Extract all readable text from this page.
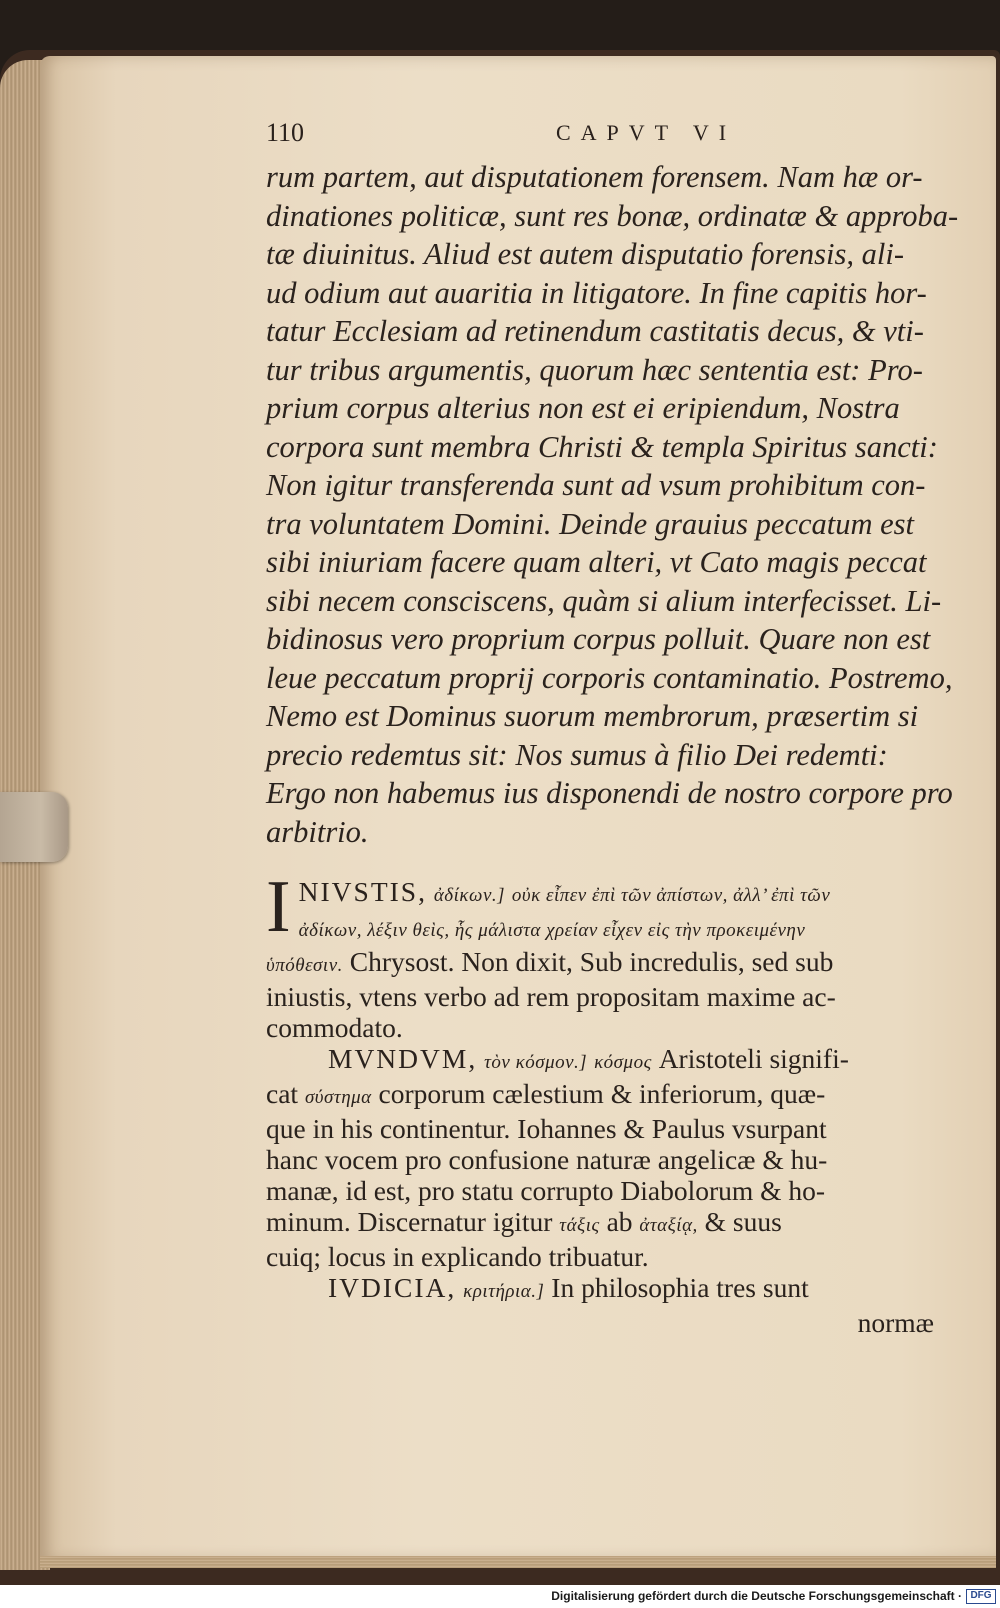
110	CAPVT VI
rum partem, aut disputationem forensem. Nam hæ or-
dinationes politicæ, sunt res bonæ, ordinatæ & approba-
tæ diuinitus. Aliud est autem disputatio forensis, ali-
ud odium aut auaritia in litigatore. In fine capitis hor-
tatur Ecclesiam ad retinendum castitatis decus, & vti-
tur tribus argumentis, quorum hæc sententia est: Pro-
prium corpus alterius non est ei eripiendum, Nostra
corpora sunt membra Christi & templa Spiritus sancti:
Non igitur transferenda sunt ad vsum prohibitum con-
tra voluntatem Domini. Deinde grauius peccatum est
sibi iniuriam facere quam alteri, vt Cato magis peccat
sibi necem consciscens, quàm si alium interfecisset. Li-
bidinosus vero proprium corpus polluit. Quare non est
leue peccatum proprij corporis contaminatio. Postremo,
Nemo est Dominus suorum membrorum, præsertim si
precio redemtus sit: Nos sumus à filio Dei redemti:
Ergo non habemus ius disponendi de nostro corpore pro
arbitrio.
I NIVSTIS, ἀδίκων.] οὐκ εἶπεν ἐπὶ τῶν ἀπίστων, ἀλλ’ ἐπὶ τῶν
ἀδίκων, λέξιν θεὶς, ἧς μάλιστα χρείαν εἶχεν εἰς τὴν προκειμένην
ὑπόθεσιν. Chrysost. Non dixit, Sub incredulis, sed sub
iniustis, vtens verbo ad rem propositam maxime ac-
commodato.
MVNDVM, τὸν κόσμον.] κόσμος Aristoteli signifi-
cat σύστημα corporum cælestium & inferiorum, quæ-
que in his continentur. Iohannes & Paulus vsurpant
hanc vocem pro confusione naturæ angelicæ & hu-
manæ, id est, pro statu corrupto Diabolorum & ho-
minum. Discernatur igitur τάξις ab ἀταξίᾳ, & suus
cuiq; locus in explicando tribuatur.
IVDICIA, κριτήρια.] In philosophia tres sunt
normæ
Digitalisierung gefördert durch die Deutsche Forschungsgemeinschaft · DFG
